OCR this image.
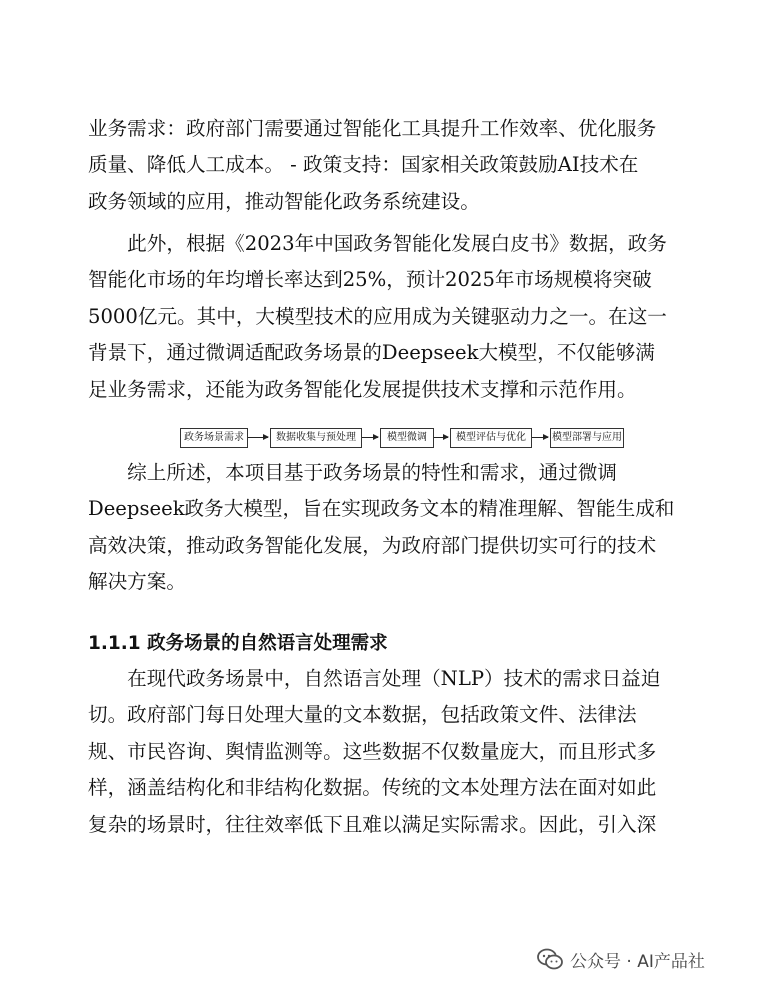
业务需求：政府部门需要通过智能化工具提升工作效率、优化服务
质量、降低人工成本。 - 政策支持：国家相关政策鼓励AI技术在
政务领域的应用，推动智能化政务系统建设。
　　此外，根据《2023年中国政务智能化发展白皮书》数据，政务
智能化市场的年均增长率达到25%，预计2025年市场规模将突破
5000亿元。其中，大模型技术的应用成为关键驱动力之一。在这一
背景下，通过微调适配政务场景的Deepseek大模型，不仅能够满
足业务需求，还能为政务智能化发展提供技术支撑和示范作用。
政务场景需求	数据收集与预处理	模型微调	模型评估与优化	模型部署与应用
　　综上所述，本项目基于政务场景的特性和需求，通过微调
Deepseek政务大模型，旨在实现政务文本的精准理解、智能生成和
高效决策，推动政务智能化发展，为政府部门提供切实可行的技术
解决方案。
1.1.1 政务场景的自然语言处理需求
　　在现代政务场景中，自然语言处理（NLP）技术的需求日益迫
切。政府部门每日处理大量的文本数据，包括政策文件、法律法
规、市民咨询、舆情监测等。这些数据不仅数量庞大，而且形式多
样，涵盖结构化和非结构化数据。传统的文本处理方法在面对如此
复杂的场景时，往往效率低下且难以满足实际需求。因此，引入深
公众号 · AI产品社
